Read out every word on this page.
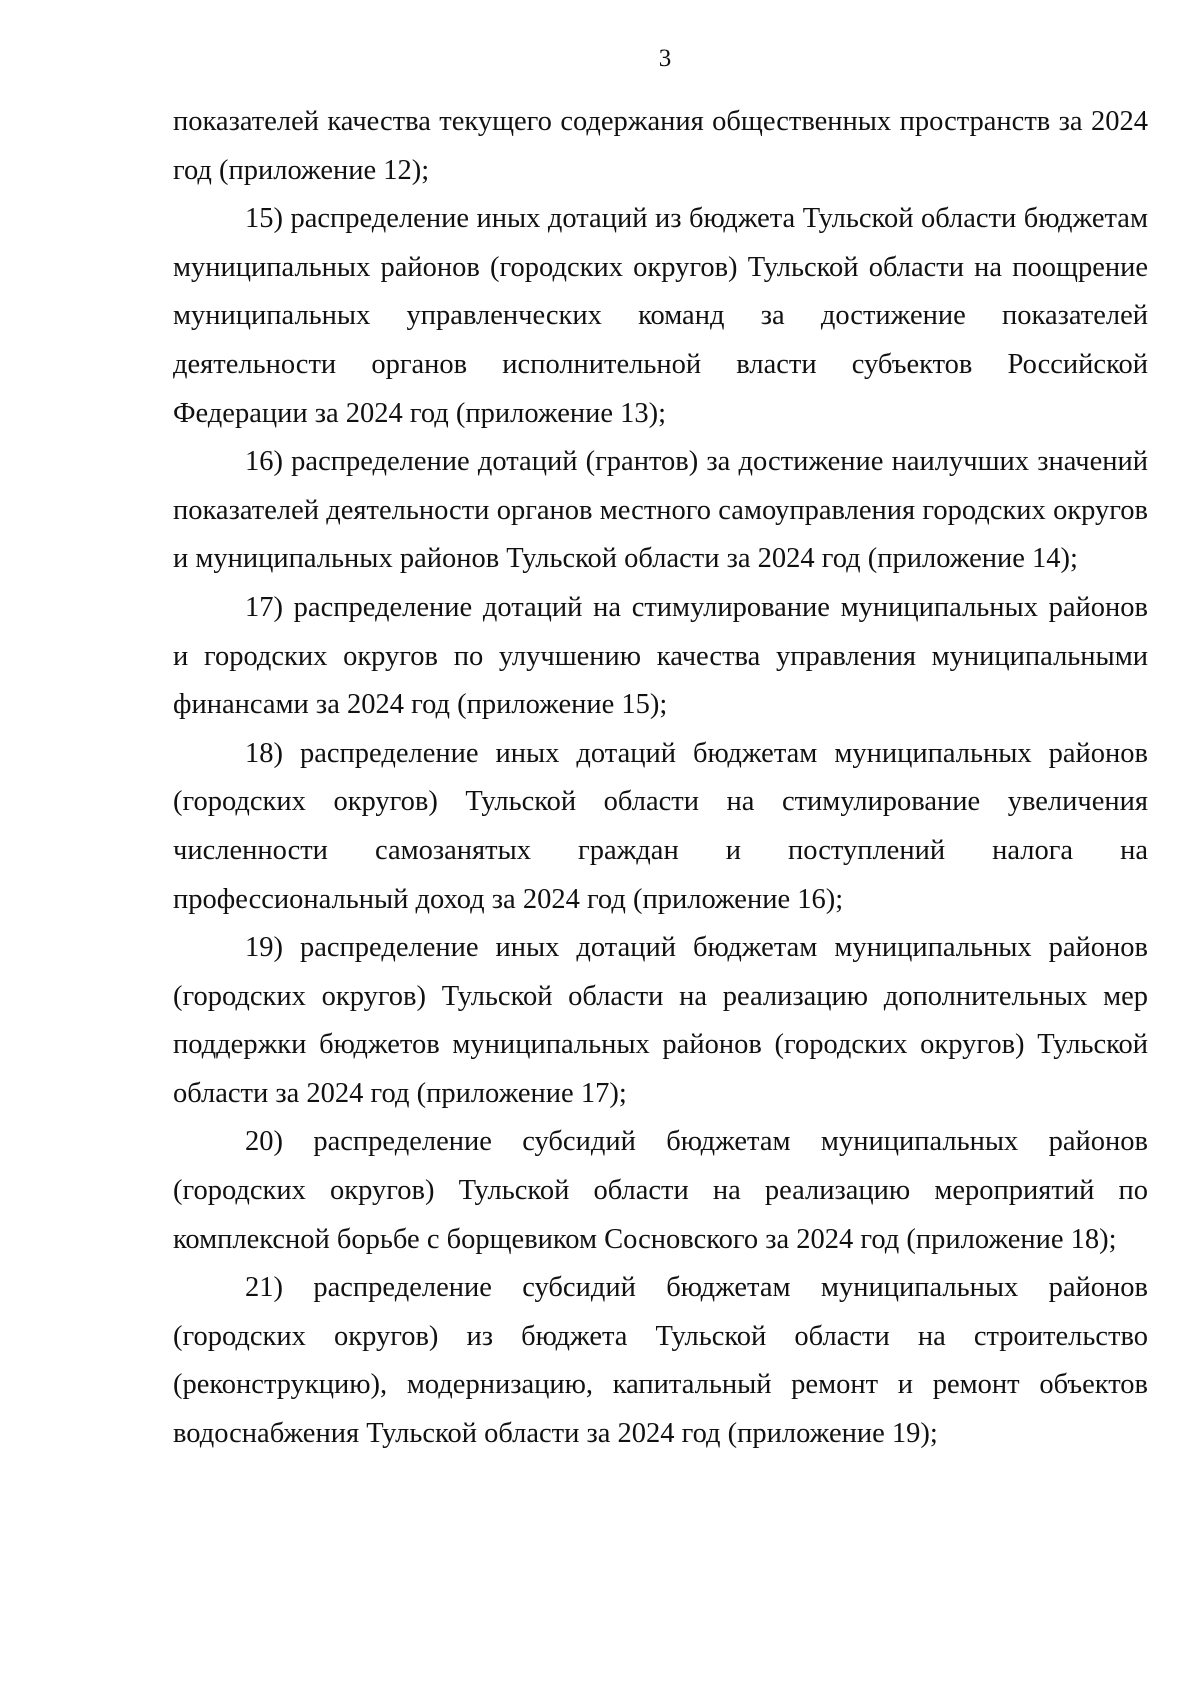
3

показателей качества текущего содержания общественных пространств за 2024 год (приложение 12);

15) распределение иных дотаций из бюджета Тульской области бюджетам муниципальных районов (городских округов) Тульской области на поощрение муниципальных управленческих команд за достижение показателей деятельности органов исполнительной власти субъектов Российской Федерации за 2024 год (приложение 13);

16) распределение дотаций (грантов) за достижение наилучших значений показателей деятельности органов местного самоуправления городских округов и муниципальных районов Тульской области за 2024 год (приложение 14);

17) распределение дотаций на стимулирование муниципальных районов и городских округов по улучшению качества управления муниципальными финансами за 2024 год (приложение 15);

18) распределение иных дотаций бюджетам муниципальных районов (городских округов) Тульской области на стимулирование увеличения численности самозанятых граждан и поступлений налога на профессиональный доход за 2024 год (приложение 16);

19) распределение иных дотаций бюджетам муниципальных районов (городских округов) Тульской области на реализацию дополнительных мер поддержки бюджетов муниципальных районов (городских округов) Тульской области за 2024 год (приложение 17);

20) распределение субсидий бюджетам муниципальных районов (городских округов) Тульской области на реализацию мероприятий по комплексной борьбе с борщевиком Сосновского за 2024 год (приложение 18);

21) распределение субсидий бюджетам муниципальных районов (городских округов) из бюджета Тульской области на строительство (реконструкцию), модернизацию, капитальный ремонт и ремонт объектов водоснабжения Тульской области за 2024 год (приложение 19);
